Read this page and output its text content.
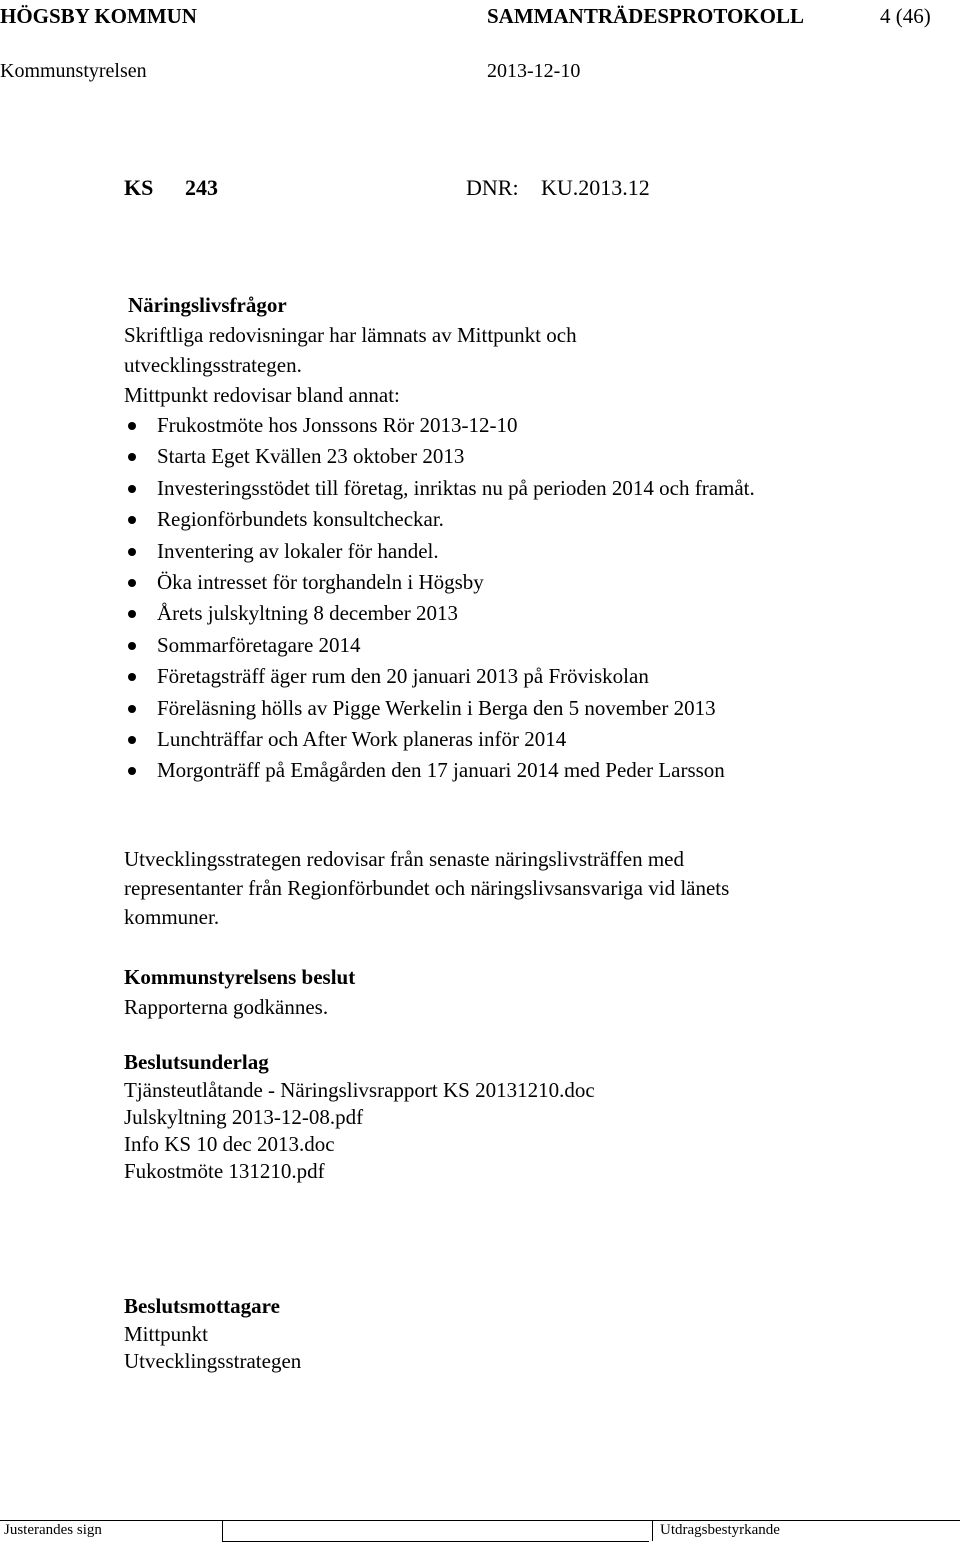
HÖGSBY KOMMUN	SAMMANTRÄDESPROTOKOLL	4 (46)
Kommunstyrelsen	2013-12-10
KS 243	DNR: KU.2013.12
Näringslivsfrågor
Skriftliga redovisningar har lämnats av Mittpunkt och
utvecklingsstrategen.
Mittpunkt redovisar bland annat:
Frukostmöte hos Jonssons Rör 2013-12-10
Starta Eget Kvällen 23 oktober 2013
Investeringsstödet till företag, inriktas nu på perioden 2014 och framåt.
Regionförbundets konsultcheckar.
Inventering av lokaler för handel.
Öka intresset för torghandeln i Högsby
Årets julskyltning 8 december 2013
Sommarföretagare 2014
Företagsträff äger rum den 20 januari 2013 på Fröviskolan
Föreläsning hölls av Pigge Werkelin i Berga den 5 november 2013
Lunchträffar och After Work planeras inför 2014
Morgonträff på Emågården den 17 januari 2014 med Peder Larsson
Utvecklingsstrategen redovisar från senaste näringslivsträffen med
representanter från Regionförbundet och näringslivsansvariga vid länets
kommuner.
Kommunstyrelsens beslut
Rapporterna godkännes.
Beslutsunderlag
Tjänsteutlåtande - Näringslivsrapport KS 20131210.doc
Julskyltning 2013-12-08.pdf
Info KS 10 dec 2013.doc
Fukostmöte 131210.pdf
Beslutsmottagare
Mittpunkt
Utvecklingsstrategen
Justerandes sign	Utdragsbestyrkande
